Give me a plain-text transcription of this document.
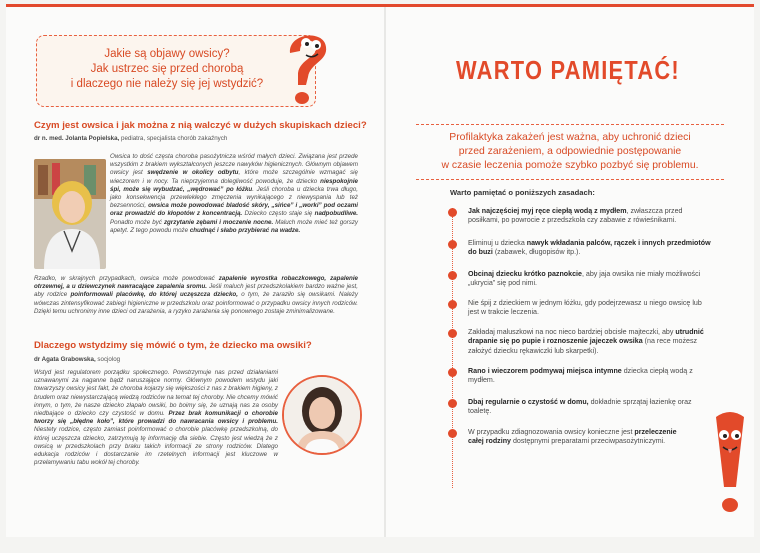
Jakie są objawy owsicy?

Jak ustrzec się przed chorobą

i dlaczego nie należy się jej wstydzić?

Czym jest owsica i jak można z nią walczyć w dużych skupiskach dzieci?
dr n. med. Jolanta Popielska, pediatra, specjalista chorób zakaźnych
Owsica to dość częsta choroba pasożytnicza wśród małych dzieci. Związana jest przede wszystkim z brakiem wykształconych jeszcze nawyków higienicznych. Głównym objawem owsicy jest swędzenie w okolicy odbytu, które może szczególnie wzmagać się wieczorem i w nocy. Ta nieprzyjemna dolegliwość powoduje, że dziecko niespokojnie śpi, może się wybudzać, „wędrować” po łóżku. Jeśli choroba u dziecka trwa długo, jako konsekwencja przewlekłego zmęczenia wynikającego z niewyspania lub też bezsenności, owsica może powodować bladość skóry, „sińce” i „worki” pod oczami oraz prowadzić do kłopotów z koncentracją. Dziecko często staje się nadpobudliwe. Ponadto może być zgrzytanie zębami i moczenie nocne. Maluch może mieć też gorszy apetyt. Z tego powodu może chudnąć i słabo przybierać na wadze.
Rzadko, w skrajnych przypadkach, owsica może powodować zapalenie wyrostka robaczkowego, zapalenie otrzewnej, a u dziewczynek nawracające zapalenia sromu. Jeśli maluch jest przedszkolakiem bardzo ważne jest, aby rodzice poinformowali placówkę, do której uczęszcza dziecko, o tym, że zaraziło się owsikami. Należy wówczas zintensyfikować zabiegi higieniczne w przedszkolu oraz poinformować o przypadku owsicy innych rodziców. Dzięki temu uchronimy inne dzieci od zarażenia, a ryzyko zarażenia się ponownego zostaje zminimalizowane.
Dlaczego wstydzimy się mówić o tym, że dziecko ma owsiki?
dr Agata Grabowska, socjolog
Wstyd jest regulatorem porządku społecznego. Powstrzymuje nas przed działaniami uznawanymi za naganne bądź naruszające normy. Głównym powodem wstydu jaki towarzyszy owsicy jest fakt, że choroba kojarzy się większości z nas z brakiem higieny, z brudem oraz niewystarczającą wiedzą rodziców na temat tej choroby. Nie chcemy mówić innym, o tym, że nasze dziecko złapało owsiki, bo boimy się, że uznają nas za osoby niedbające o dziecko czy czystość w domu. Przez brak komunikacji o chorobie tworzy się „błędne koło”, które prowadzi do nawracania owsicy i problemu. Niestety rodzice, często zamiast poinformować o chorobie placówkę przedszkolną, do której uczęszcza dziecko, zatrzymują tę informację dla siebie. Często jest wiedzą że z owsicą w przedszkolach przy braku takich informacji ze strony rodziców. Dlatego edukacja rodziców i dostarczanie im rzetelnych informacji jest kluczowe w przełamywaniu tabu wokół tej choroby.
WARTO PAMIĘTAĆ!

Profilaktyka zakażeń jest ważna, aby uchronić dzieci

przed zarażeniem, a odpowiednie postępowanie

w czasie leczenia pomoże szybko pozbyć się problemu.

Warto pamiętać o poniższych zasadach:
Jak najczęściej myj ręce ciepłą wodą z mydłem, zwłaszcza przed posiłkami, po powrocie z przedszkola czy zabawie z rówieśnikami.
Eliminuj u dziecka nawyk wkładania palców, rączek i innych przedmiotów do buzi (zabawek, długopisów itp.).
Obcinaj dziecku krótko paznokcie, aby jaja owsika nie miały możliwości „ukrycia” się pod nimi.
Nie śpij z dzieckiem w jednym łóżku, gdy podejrzewasz u niego owsicę lub jest w trakcie leczenia.
Zakładaj maluszkowi na noc nieco bardziej obcisłe majteczki, aby utrudnić drapanie się po pupie i roznoszenie jajeczek owsika (na rece możesz założyć dziecku rękawiczki lub skarpetki).
Rano i wieczorem podmywaj miejsca intymne dziecka ciepłą wodą z mydłem.
Dbaj regularnie o czystość w domu, dokładnie sprzątaj łazienkę oraz toaletę.
W przypadku zdiagnozowania owsicy konieczne jest przeleczenie całej rodziny dostępnymi preparatami przeciwpasożytniczymi.
